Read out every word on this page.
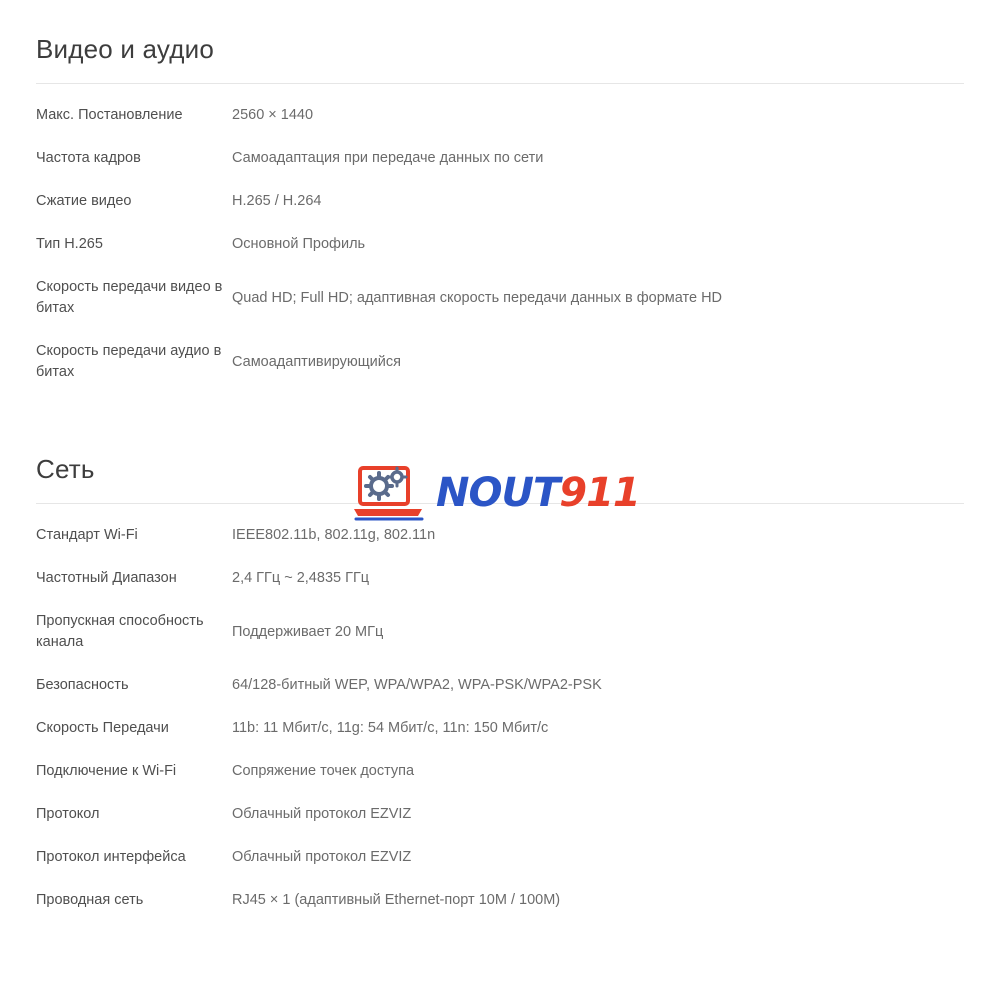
Видео и аудио
Макс. Постановление	2560 × 1440
Частота кадров	Самоадаптация при передаче данных по сети
Сжатие видео	H.265 / H.264
Тип H.265	Основной Профиль
Скорость передачи видео в битах	Quad HD; Full HD; адаптивная скорость передачи данных в формате HD
Скорость передачи аудио в битах	Самоадаптивирующийся
Сеть
Стандарт Wi-Fi	IEEE802.11b, 802.11g, 802.11n
Частотный Диапазон	2,4 ГГц ~ 2,4835 ГГц
Пропускная способность канала	Поддерживает 20 МГц
Безопасность	64/128-битный WEP, WPA/WPA2, WPA-PSK/WPA2-PSK
Скорость Передачи	11b: 11 Мбит/с, 11g: 54 Мбит/с, 11n: 150 Мбит/с
Подключение к Wi-Fi	Сопряжение точек доступа
Протокол	Облачный протокол EZVIZ
Протокол интерфейса	Облачный протокол EZVIZ
Проводная сеть	RJ45 × 1 (адаптивный Ethernet-порт 10M / 100M)
NOUT911
